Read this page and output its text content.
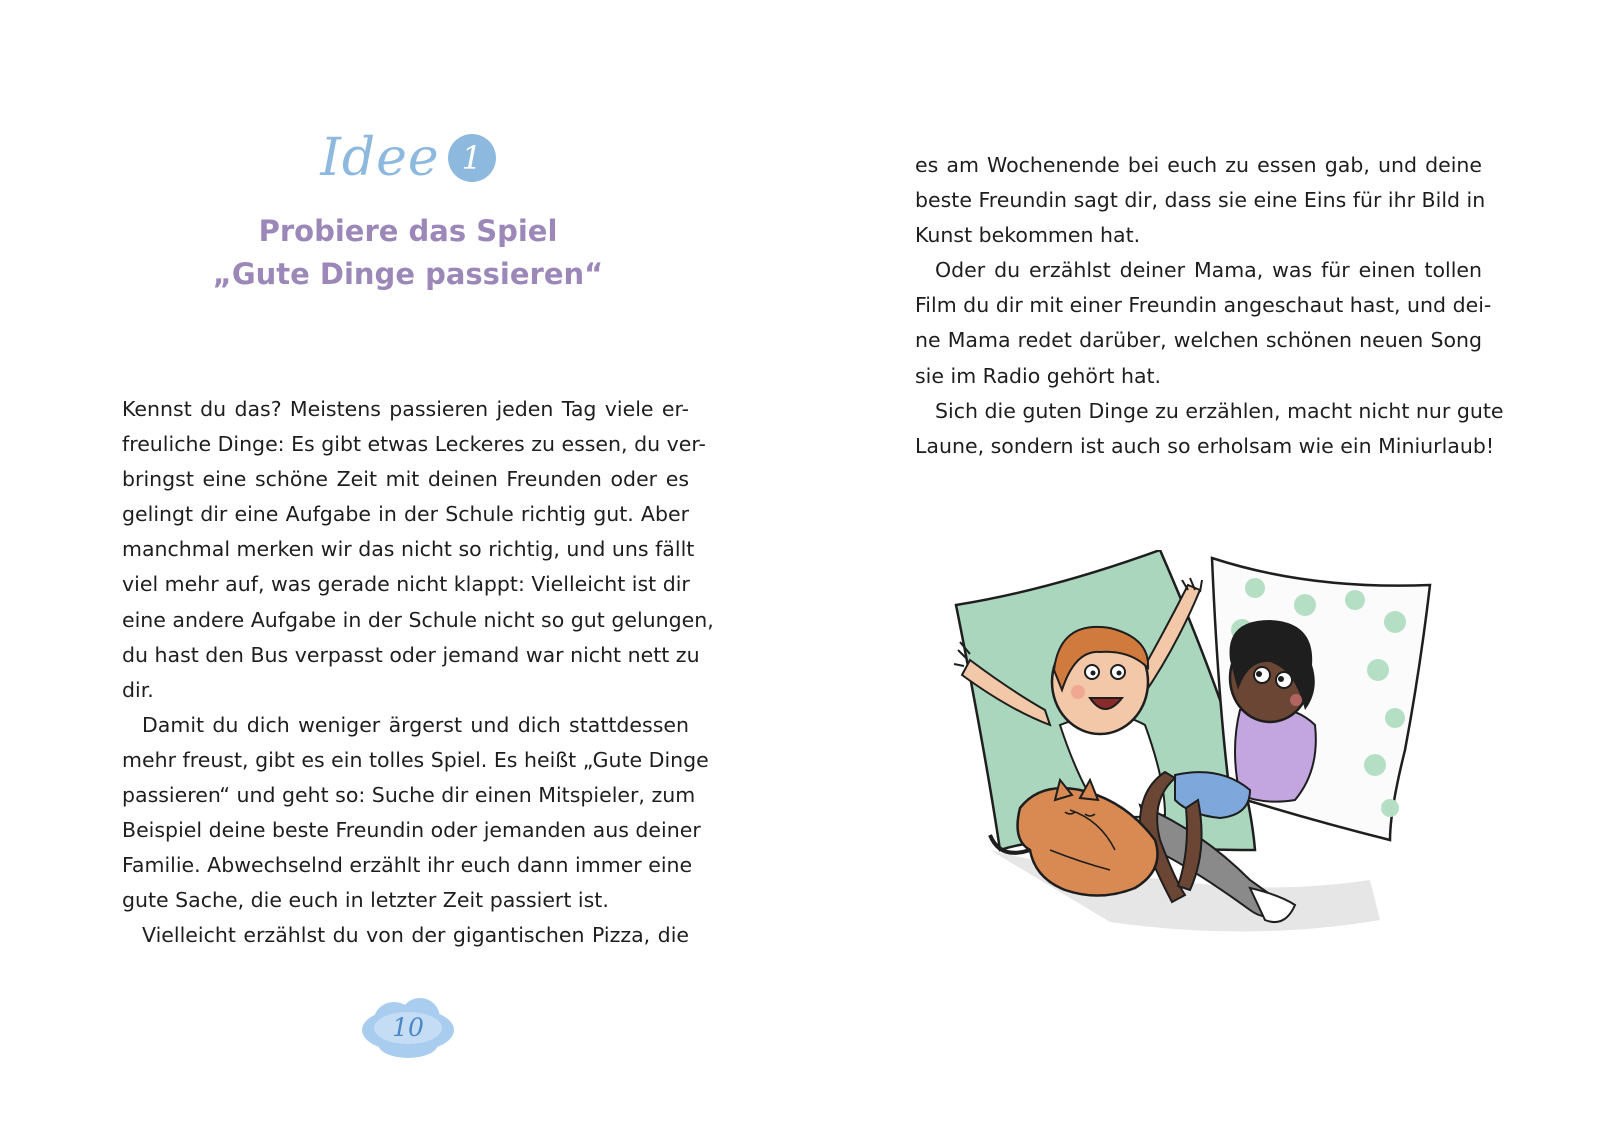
Idee 1
Probiere das Spiel
„Gute Dinge passieren“
Kennst du das? Meistens passieren jeden Tag viele er-
freuliche Dinge: Es gibt etwas Leckeres zu essen, du ver-
bringst eine schöne Zeit mit deinen Freunden oder es
gelingt dir eine Aufgabe in der Schule richtig gut. Aber
manchmal merken wir das nicht so richtig, und uns fällt
viel mehr auf, was gerade nicht klappt: Vielleicht ist dir
eine andere Aufgabe in der Schule nicht so gut gelungen,
du hast den Bus verpasst oder jemand war nicht nett zu
dir.
Damit du dich weniger ärgerst und dich stattdessen
mehr freust, gibt es ein tolles Spiel. Es heißt „Gute Dinge
passieren“ und geht so: Suche dir einen Mitspieler, zum
Beispiel deine beste Freundin oder jemanden aus deiner
Familie. Abwechselnd erzählt ihr euch dann immer eine
gute Sache, die euch in letzter Zeit passiert ist.
Vielleicht erzählst du von der gigantischen Pizza, die
10
es am Wochenende bei euch zu essen gab, und deine
beste Freundin sagt dir, dass sie eine Eins für ihr Bild in
Kunst bekommen hat.
Oder du erzählst deiner Mama, was für einen tollen
Film du dir mit einer Freundin angeschaut hast, und dei-
ne Mama redet darüber, welchen schönen neuen Song
sie im Radio gehört hat.
Sich die guten Dinge zu erzählen, macht nicht nur gute
Laune, sondern ist auch so erholsam wie ein Miniurlaub!
